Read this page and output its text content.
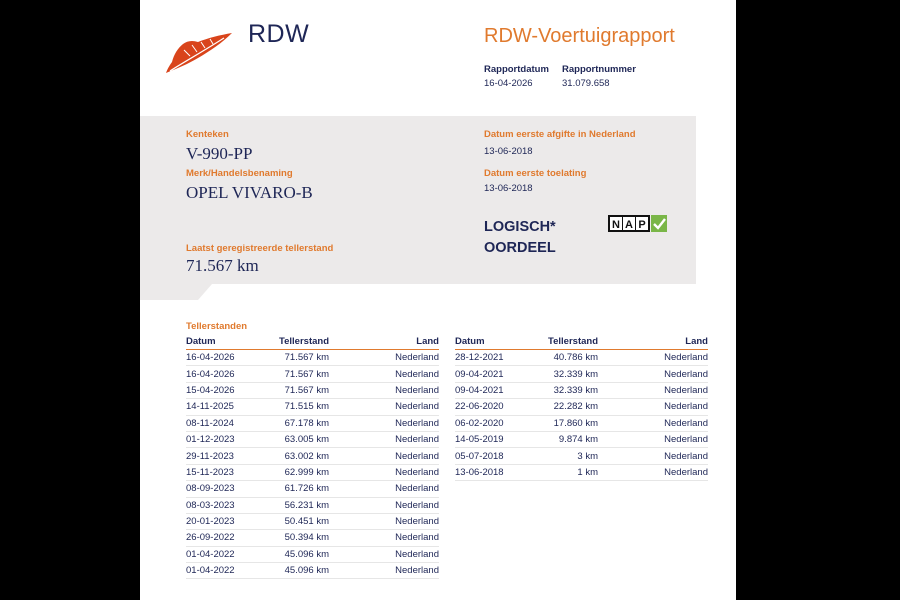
RDW	RDW-Voertuigrapport
Rapportdatum
16-04-2026
Rapportnummer
31.079.658
Kenteken
V-990-PP
Merk/Handelsbenaming
OPEL VIVARO-B
Laatst geregistreerde tellerstand
71.567 km
Datum eerste afgifte in Nederland
13-06-2018
Datum eerste toelating
13-06-2018
LOGISCH*
OORDEEL
N A P
Tellerstanden
Datum	Tellerstand	Land
16-04-2026	71.567 km	Nederland
16-04-2026	71.567 km	Nederland
15-04-2026	71.567 km	Nederland
14-11-2025	71.515 km	Nederland
08-11-2024	67.178 km	Nederland
01-12-2023	63.005 km	Nederland
29-11-2023	63.002 km	Nederland
15-11-2023	62.999 km	Nederland
08-09-2023	61.726 km	Nederland
08-03-2023	56.231 km	Nederland
20-01-2023	50.451 km	Nederland
26-09-2022	50.394 km	Nederland
01-04-2022	45.096 km	Nederland
01-04-2022	45.096 km	Nederland
Datum	Tellerstand	Land
28-12-2021	40.786 km	Nederland
09-04-2021	32.339 km	Nederland
09-04-2021	32.339 km	Nederland
22-06-2020	22.282 km	Nederland
06-02-2020	17.860 km	Nederland
14-05-2019	9.874 km	Nederland
05-07-2018	3 km	Nederland
13-06-2018	1 km	Nederland
